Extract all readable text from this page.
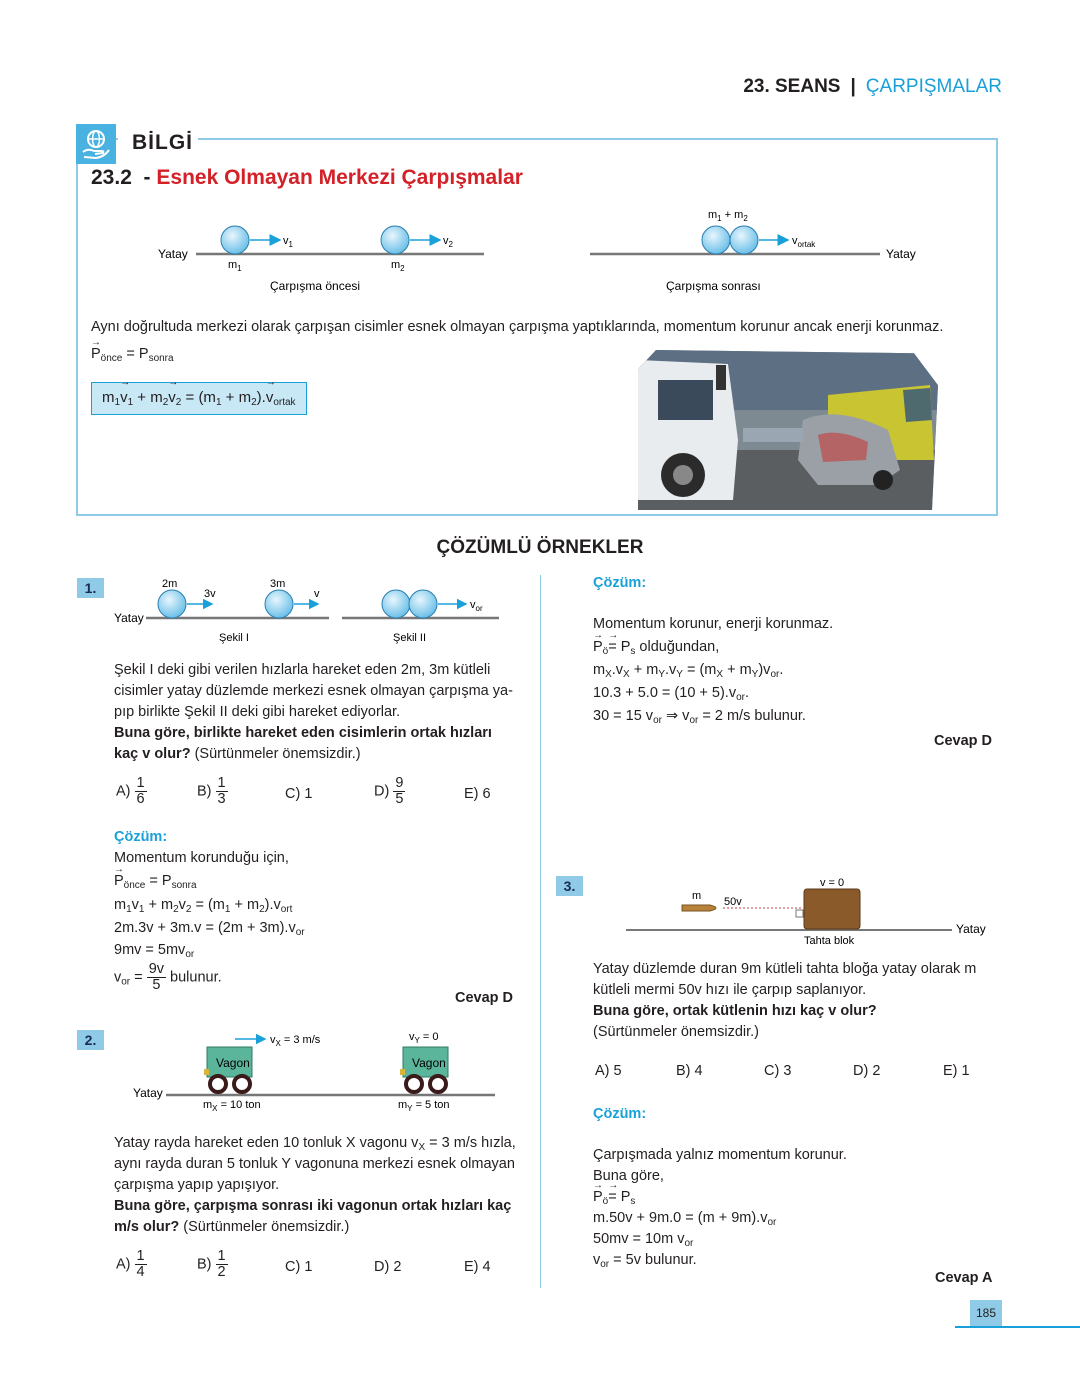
23. SEANS | ÇARPIŞMALAR
BİLGİ
23.2 - Esnek Olmayan Merkezi Çarpışmalar
Yatay
$v_1$	$v_2$
$m_1$	$m_2$
Çarpışma öncesi
$m_1 + m_2$
$v_{ortak}$
Yatay
Çarpışma sonrası
Aynı doğrultuda merkezi olarak çarpışan cisimler esnek olmayan çarpışma yaptıklarında, momentum korunur ancak enerji korunmaz.
→ $P_{önce} = P_{sonra}$
$m_1\to v_1 + m_2\to v_2 = (m_1 + m_2).\to v_{ortak}$
ÇÖZÜMLÜ ÖRNEKLER
1.	2m
3v
3m
v
$v_{or}$
Yatay
Şekil I	Şekil II
Şekil I deki gibi verilen hızlarla hareket eden 2m, 3m kütleli
cisimler yatay düzlemde merkezi esnek olmayan çarpışma ya-
pıp birlikte Şekil II deki gibi hareket ediyorlar.
Buna göre, birlikte hareket eden cisimlerin ortak hızları
kaç v olur? (Sürtünmeler önemsizdir.)
$A) \frac{1}{6}$	$B) \frac{1}{3}$	C) 1	$D) \frac{9}{5}$	E) 6
Çözüm:
Momentum korunduğu için,
→ $P_{önce} = P_{sonra}$
$m_1v_1 + m_2v_2 = (m_1 + m_2).v_{ort}$
$2m.3v + 3m.v = (2m + 3m).v_{or}$
$9mv = 5mv_{or}$
$v_{or} = \frac{9v}{5}$ bulunur.
Cevap D
Çözüm:
Momentum korunur, enerji korunmaz.
→ $P_ö\to = P_s$ olduğundan,
$m_X.v_X + m_Y.v_Y = (m_X + m_Y)v_{or}$.
$10.3 + 5.0 = (10 + 5).v_{or}$.
30 = 15 $v_{or}$ ⇒ $v_{or} = 2$ m/s bulunur.
Cevap D
2.
Vagon	Vagon
$v_X = 3$ m/s	$v_Y = 0$
Yatay
$m_X = 10$ ton	$m_Y = 5$ ton
Yatay rayda hareket eden 10 tonluk X vagonu $v_X = 3$ m/s hızla,
aynı rayda duran 5 tonluk Y vagonuna merkezi esnek olmayan
çarpışma yapıp yapışıyor.
Buna göre, çarpışma sonrası iki vagonun ortak hızları kaç
m/s olur? (Sürtünmeler önemsizdir.)
$A) \frac{1}{4}$	$B) \frac{1}{2}$	C) 1	D) 2	E) 4
3.
m 50v
v = 0
Tahta blok
Yatay
Yatay düzlemde duran 9m kütleli tahta bloğa yatay olarak m
kütleli mermi 50v hızı ile çarpıp saplanıyor.
Buna göre, ortak kütlenin hızı kaç v olur?
(Sürtünmeler önemsizdir.)
A) 5	B) 4	C) 3	D) 2	E) 1
Çözüm:
Çarpışmada yalnız momentum korunur.
Buna göre,
→ $P_ö\to = P_s$
$m.50v + 9m.0 = (m + 9m).v_{or}$
50mv = 10m $v_{or}$
$v_{or} = 5v$ bulunur.
Cevap A
185
